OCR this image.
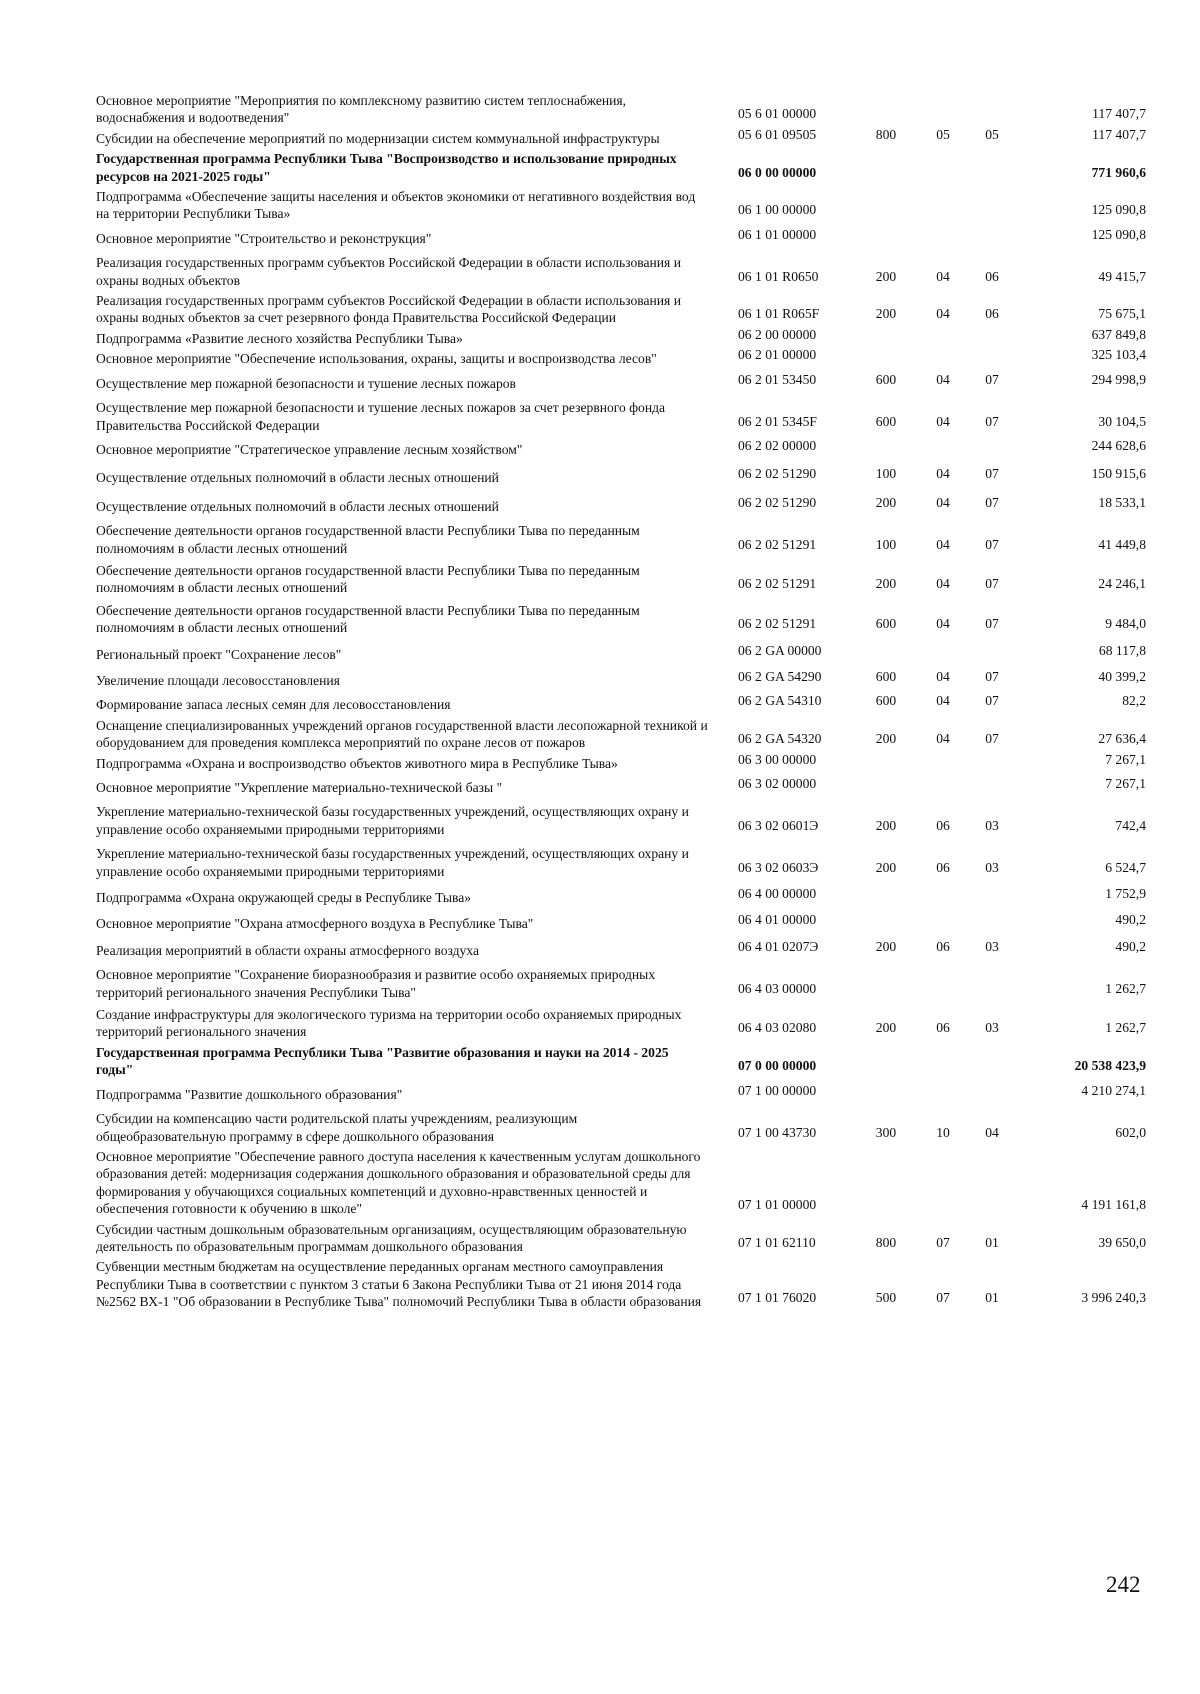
Основное мероприятие "Мероприятия по комплексному развитию систем теплоснабжения, водоснабжения и водоотведения"	05 6 01 00000	117 407,7
Субсидии на обеспечение мероприятий по модернизации систем коммунальной инфраструктуры	05 6 01 09505	800	05	05	117 407,7
Государственная программа Республики Тыва "Воспроизводство и использование природных ресурсов на 2021-2025 годы"	06 0 00 00000	771 960,6
Подпрограмма «Обеспечение защиты населения и объектов экономики от негативного воздействия вод на территории Республики Тыва»	06 1 00 00000	125 090,8
Основное мероприятие "Строительство и реконструкция"	06 1 01 00000	125 090,8
Реализация государственных программ субъектов Российской Федерации в области использования и охраны водных объектов	06 1 01 R0650	200	04	06	49 415,7
Реализация государственных программ субъектов Российской Федерации в области использования и охраны водных объектов за счет резервного фонда Правительства Российской Федерации	06 1 01 R065F	200	04	06	75 675,1
Подпрограмма «Развитие лесного хозяйства Республики Тыва»	06 2 00 00000	637 849,8
Основное мероприятие "Обеспечение использования, охраны, защиты и воспроизводства лесов"	06 2 01 00000	325 103,4
Осуществление мер пожарной безопасности и тушение лесных пожаров	06 2 01 53450	600	04	07	294 998,9
Осуществление мер пожарной безопасности и тушение лесных пожаров за счет резервного фонда Правительства Российской Федерации	06 2 01 5345F	600	04	07	30 104,5
Основное мероприятие "Стратегическое управление лесным хозяйством"	06 2 02 00000	244 628,6
Осуществление отдельных полномочий в области лесных отношений	06 2 02 51290	100	04	07	150 915,6
Осуществление отдельных полномочий в области лесных отношений	06 2 02 51290	200	04	07	18 533,1
Обеспечение деятельности органов государственной власти Республики Тыва по переданным полномочиям в области лесных отношений	06 2 02 51291	100	04	07	41 449,8
Обеспечение деятельности органов государственной власти Республики Тыва по переданным полномочиям в области лесных отношений	06 2 02 51291	200	04	07	24 246,1
Обеспечение деятельности органов государственной власти Республики Тыва по переданным полномочиям в области лесных отношений	06 2 02 51291	600	04	07	9 484,0
Региональный проект "Сохранение лесов"	06 2 GA 00000	68 117,8
Увеличение площади лесовосстановления	06 2 GA 54290	600	04	07	40 399,2
Формирование запаса лесных семян для лесовосстановления	06 2 GA 54310	600	04	07	82,2
Оснащение специализированных учреждений органов государственной власти лесопожарной техникой и оборудованием для проведения комплекса мероприятий по охране лесов от пожаров	06 2 GA 54320	200	04	07	27 636,4
Подпрограмма «Охрана и воспроизводство объектов животного мира в Республике Тыва»	06 3 00 00000	7 267,1
Основное мероприятие "Укрепление материально-технической базы "	06 3 02 00000	7 267,1
Укрепление материально-технической базы государственных учреждений, осуществляющих охрану и управление особо охраняемыми природными территориями	06 3 02 0601Э	200	06	03	742,4
Укрепление материально-технической базы государственных учреждений, осуществляющих охрану и управление особо охраняемыми природными территориями	06 3 02 0603Э	200	06	03	6 524,7
Подпрограмма «Охрана окружающей среды в Республике Тыва»	06 4 00 00000	1 752,9
Основное мероприятие "Охрана атмосферного воздуха в Республике Тыва"	06 4 01 00000	490,2
Реализация мероприятий в области охраны атмосферного воздуха	06 4 01 0207Э	200	06	03	490,2
Основное мероприятие "Сохранение биоразнообразия и развитие особо охраняемых природных территорий регионального значения Республики Тыва"	06 4 03 00000	1 262,7
Создание инфраструктуры для экологического туризма на территории особо охраняемых природных территорий регионального значения	06 4 03 02080	200	06	03	1 262,7
Государственная программа Республики Тыва "Развитие образования и науки на 2014 - 2025 годы"	07 0 00 00000	20 538 423,9
Подпрограмма "Развитие дошкольного образования"	07 1 00 00000	4 210 274,1
Субсидии на компенсацию части родительской платы учреждениям, реализующим общеобразовательную программу в сфере дошкольного образования	07 1 00 43730	300	10	04	602,0
Основное мероприятие "Обеспечение равного доступа населения к качественным услугам дошкольного образования детей: модернизация содержания дошкольного образования и образовательной среды для формирования у обучающихся социальных компетенций и духовно-нравственных ценностей и обеспечения готовности к обучению в школе"	07 1 01 00000	4 191 161,8
Субсидии частным дошкольным образовательным организациям, осуществляющим образовательную деятельность по образовательным программам дошкольного образования	07 1 01 62110	800	07	01	39 650,0
Субвенции местным бюджетам на осуществление переданных органам местного самоуправления Республики Тыва в соответствии с пунктом 3 статьи 6 Закона Республики Тыва от 21 июня 2014 года №2562 ВХ-1 "Об образовании в Республике Тыва" полномочий Республики Тыва в области образования	07 1 01 76020	500	07	01	3 996 240,3
242
